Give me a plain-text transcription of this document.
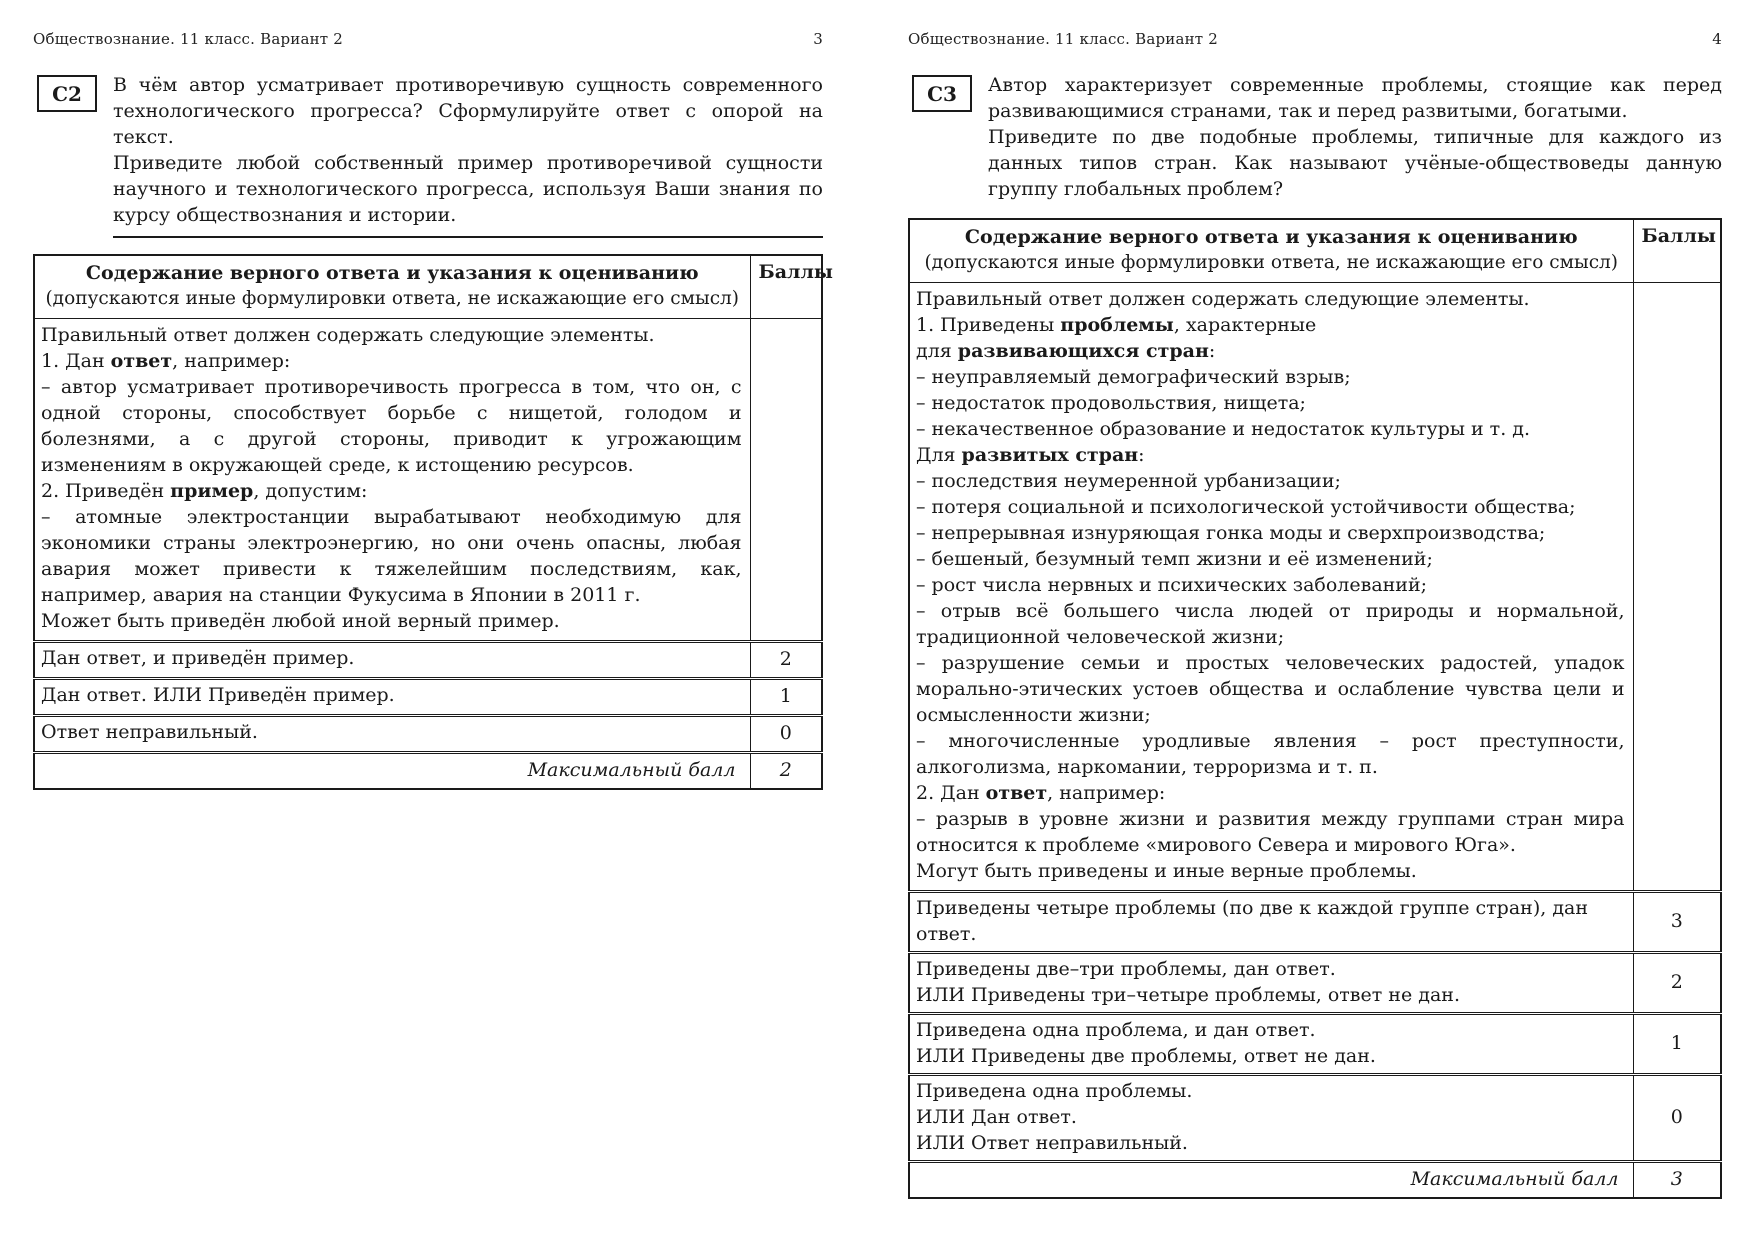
Обществознание. 11 класс. Вариант 2	3
С2 В чём автор усматривает противоречивую сущность современного технологического прогресса? Сформулируйте ответ с опорой на текст.
Приведите любой собственный пример противоречивой сущности научного и технологического прогресса, используя Ваши знания по курсу обществознания и истории.
Содержание верного ответа и указания к оцениванию
(допускаются иные формулировки ответа, не искажающие его смысл)	Баллы

Правильный ответ должен содержать следующие элементы.
1. Дан ответ, например:
– автор усматривает противоречивость прогресса в том, что он, с одной стороны, способствует борьбе с нищетой, голодом и болезнями, а с другой стороны, приводит к угрожающим изменениям в окружающей среде, к истощению ресурсов.
2. Приведён пример, допустим:
– атомные электростанции вырабатывают необходимую для экономики страны электроэнергию, но они очень опасны, любая авария может привести к тяжелейшим последствиям, как, например, авария на станции Фукусима в Японии в 2011 г.
Может быть приведён любой иной верный пример.

Дан ответ, и приведён пример.	2

Дан ответ. ИЛИ Приведён пример.	1

Ответ неправильный.	0
Максимальный балл	2
Обществознание. 11 класс. Вариант 2	4
С3 Автор характеризует современные проблемы, стоящие как перед развивающимися странами, так и перед развитыми, богатыми.
Приведите по две подобные проблемы, типичные для каждого из данных типов стран. Как называют учёные-обществоведы данную группу глобальных проблем?
Содержание верного ответа и указания к оцениванию
(допускаются иные формулировки ответа, не искажающие его смысл)	Баллы

Правильный ответ должен содержать следующие элементы.
1. Приведены проблемы, характерные
для развивающихся стран:
– неуправляемый демографический взрыв;
– недостаток продовольствия, нищета;
– некачественное образование и недостаток культуры и т. д.
Для развитых стран:
– последствия неумеренной урбанизации;
– потеря социальной и психологической устойчивости общества;
– непрерывная изнуряющая гонка моды и сверхпроизводства;
– бешеный, безумный темп жизни и её изменений;
– рост числа нервных и психических заболеваний;
– отрыв всё большего числа людей от природы и нормальной, традиционной человеческой жизни;
– разрушение семьи и простых человеческих радостей, упадок морально-этических устоев общества и ослабление чувства цели и осмысленности жизни;
– многочисленные уродливые явления – рост преступности, алкоголизма, наркомании, терроризма и т. п.
2. Дан ответ, например:
– разрыв в уровне жизни и развития между группами стран мира относится к проблеме «мирового Севера и мирового Юга».
Могут быть приведены и иные верные проблемы.

Приведены четыре проблемы (по две к каждой группе стран), дан ответ.	3

Приведены две–три проблемы, дан ответ.
ИЛИ Приведены три–четыре проблемы, ответ не дан.	2

Приведена одна проблема, и дан ответ.
ИЛИ Приведены две проблемы, ответ не дан.	1

Приведена одна проблемы.
ИЛИ Дан ответ.
ИЛИ Ответ неправильный.	0
Максимальный балл	3
